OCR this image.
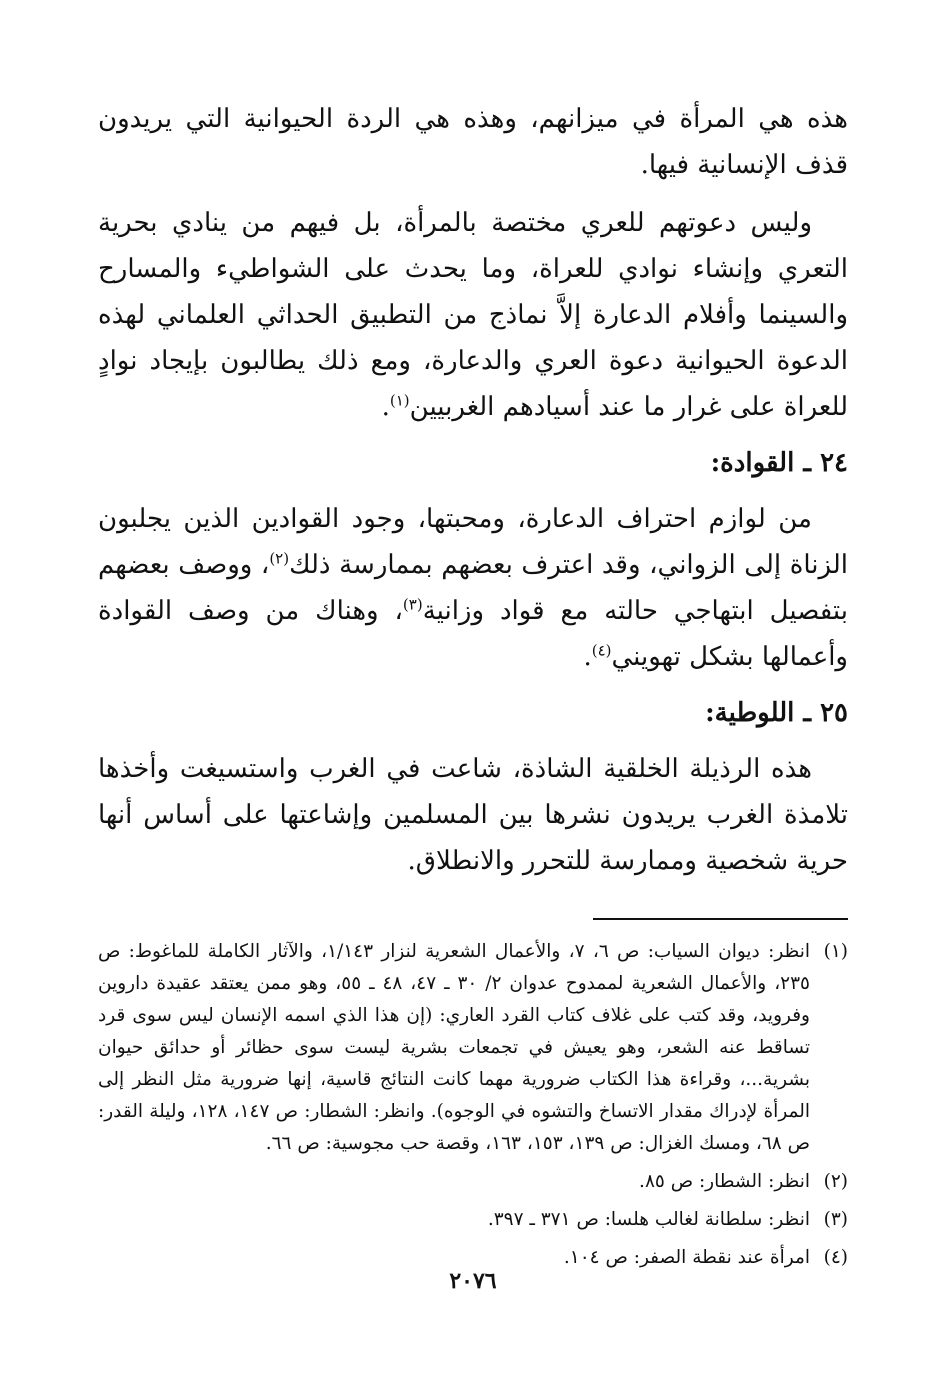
هذه هي المرأة في ميزانهم، وهذه هي الردة الحيوانية التي يريدون قذف الإنسانية فيها.

وليس دعوتهم للعري مختصة بالمرأة، بل فيهم من ينادي بحرية التعري وإنشاء نوادي للعراة، وما يحدث على الشواطيء والمسارح والسينما وأفلام الدعارة إلاَّ نماذج من التطبيق الحداثي العلماني لهذه الدعوة الحيوانية دعوة العري والدعارة، ومع ذلك يطالبون بإيجاد نوادٍ للعراة على غرار ما عند أسيادهم الغربيين$^{(١)}$.

٢٤ ـ القوادة:

من لوازم احتراف الدعارة، ومحبتها، وجود القوادين الذين يجلبون الزناة إلى الزواني، وقد اعترف بعضهم بممارسة ذلك$^{(٢)}$، ووصف بعضهم بتفصيل ابتهاجي حالته مع قواد وزانية$^{(٣)}$، وهناك من وصف القوادة وأعمالها بشكل تهويني$^{(٤)}$.

٢٥ ـ اللوطية:

هذه الرذيلة الخلقية الشاذة، شاعت في الغرب واستسيغت وأخذها تلامذة الغرب يريدون نشرها بين المسلمين وإشاعتها على أساس أنها حرية شخصية وممارسة للتحرر والانطلاق.

(١)
انظر: ديوان السياب: ص ٦، ٧، والأعمال الشعرية لنزار ١/١٤٣، والآثار الكاملة للماغوط: ص ٢٣٥، والأعمال الشعرية لممدوح عدوان ٢/ ٣٠ ـ ٤٧، ٤٨ ـ ٥٥، وهو ممن يعتقد عقيدة داروين وفرويد، وقد كتب على غلاف كتاب القرد العاري: (إن هذا الذي اسمه الإنسان ليس سوى قرد تساقط عنه الشعر، وهو يعيش في تجمعات بشرية ليست سوى حظائر أو حدائق حيوان بشرية...، وقراءة هذا الكتاب ضرورية مهما كانت النتائج قاسية، إنها ضرورية مثل النظر إلى المرأة لإدراك مقدار الاتساخ والتشوه في الوجوه). وانظر: الشطار: ص ١٤٧، ١٢٨، وليلة القدر: ص ٦٨، ومسك الغزال: ص ١٣٩، ١٥٣، ١٦٣، وقصة حب مجوسية: ص ٦٦.
(٢)
انظر: الشطار: ص ٨٥.
(٣)
انظر: سلطانة لغالب هلسا: ص ٣٧١ ـ ٣٩٧.
(٤)
امرأة عند نقطة الصفر: ص ١٠٤.
٢٠٧٦
